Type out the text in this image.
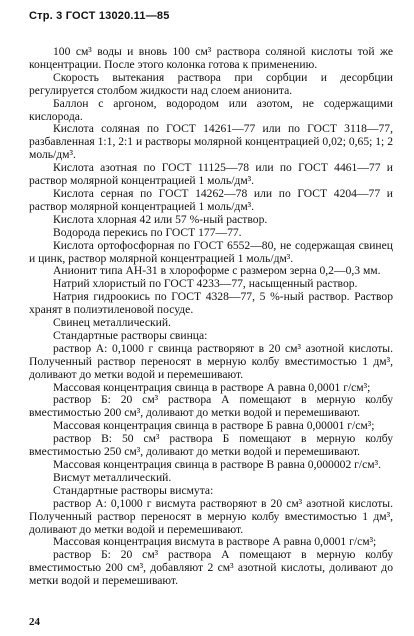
Стр. 3 ГОСТ 13020.11—85

100 см³ воды и вновь 100 см³ раствора соляной кислоты той же концентрации. После этого колонка готова к применению.

Скорость вытекания раствора при сорбции и десорбции регулируется столбом жидкости над слоем анионита.

Баллон с аргоном, водородом или азотом, не содержащими кислорода.

Кислота соляная по ГОСТ 14261—77 или по ГОСТ 3118—77, разбавленная 1:1, 2:1 и растворы молярной концентрацией 0,02; 0,65; 1; 2 моль/дм³.

Кислота азотная по ГОСТ 11125—78 или по ГОСТ 4461—77 и раствор молярной концентрацией 1 моль/дм³.

Кислота серная по ГОСТ 14262—78 или по ГОСТ 4204—77 и раствор молярной концентрацией 1 моль/дм³.

Кислота хлорная 42 или 57 %-ный раствор.

Водорода перекись по ГОСТ 177—77.

Кислота ортофосфорная по ГОСТ 6552—80, не содержащая свинец и цинк, раствор молярной концентрацией 1 моль/дм³.

Анионит типа АН-31 в хлороформе с размером зерна 0,2—0,3 мм.

Натрий хлористый по ГОСТ 4233—77, насыщенный раствор.

Натрия гидроокись по ГОСТ 4328—77, 5 %-ный раствор. Раствор хранят в полиэтиленовой посуде.

Свинец металлический.

Стандартные растворы свинца:

раствор А: 0,1000 г свинца растворяют в 20 см³ азотной кислоты. Полученный раствор переносят в мерную колбу вместимостью 1 дм³, доливают до метки водой и перемешивают.

Массовая концентрация свинца в растворе А равна 0,0001 г/см³;

раствор Б: 20 см³ раствора А помещают в мерную колбу вместимостью 200 см³, доливают до метки водой и перемешивают.

Массовая концентрация свинца в растворе Б равна 0,00001 г/см³;

раствор В: 50 см³ раствора Б помещают в мерную колбу вместимостью 250 см³, доливают до метки водой и перемешивают.

Массовая концентрация свинца в растворе В равна 0,000002 г/см³.

Висмут металлический.

Стандартные растворы висмута:

раствор А: 0,1000 г висмута растворяют в 20 см³ азотной кислоты. Полученный раствор переносят в мерную колбу вместимостью 1 дм³, доливают до метки водой и перемешивают.

Массовая концентрация висмута в растворе А равна 0,0001 г/см³;

раствор Б: 20 см³ раствора А помещают в мерную колбу вместимостью 200 см³, добавляют 2 см³ азотной кислоты, доливают до метки водой и перемешивают.

24
